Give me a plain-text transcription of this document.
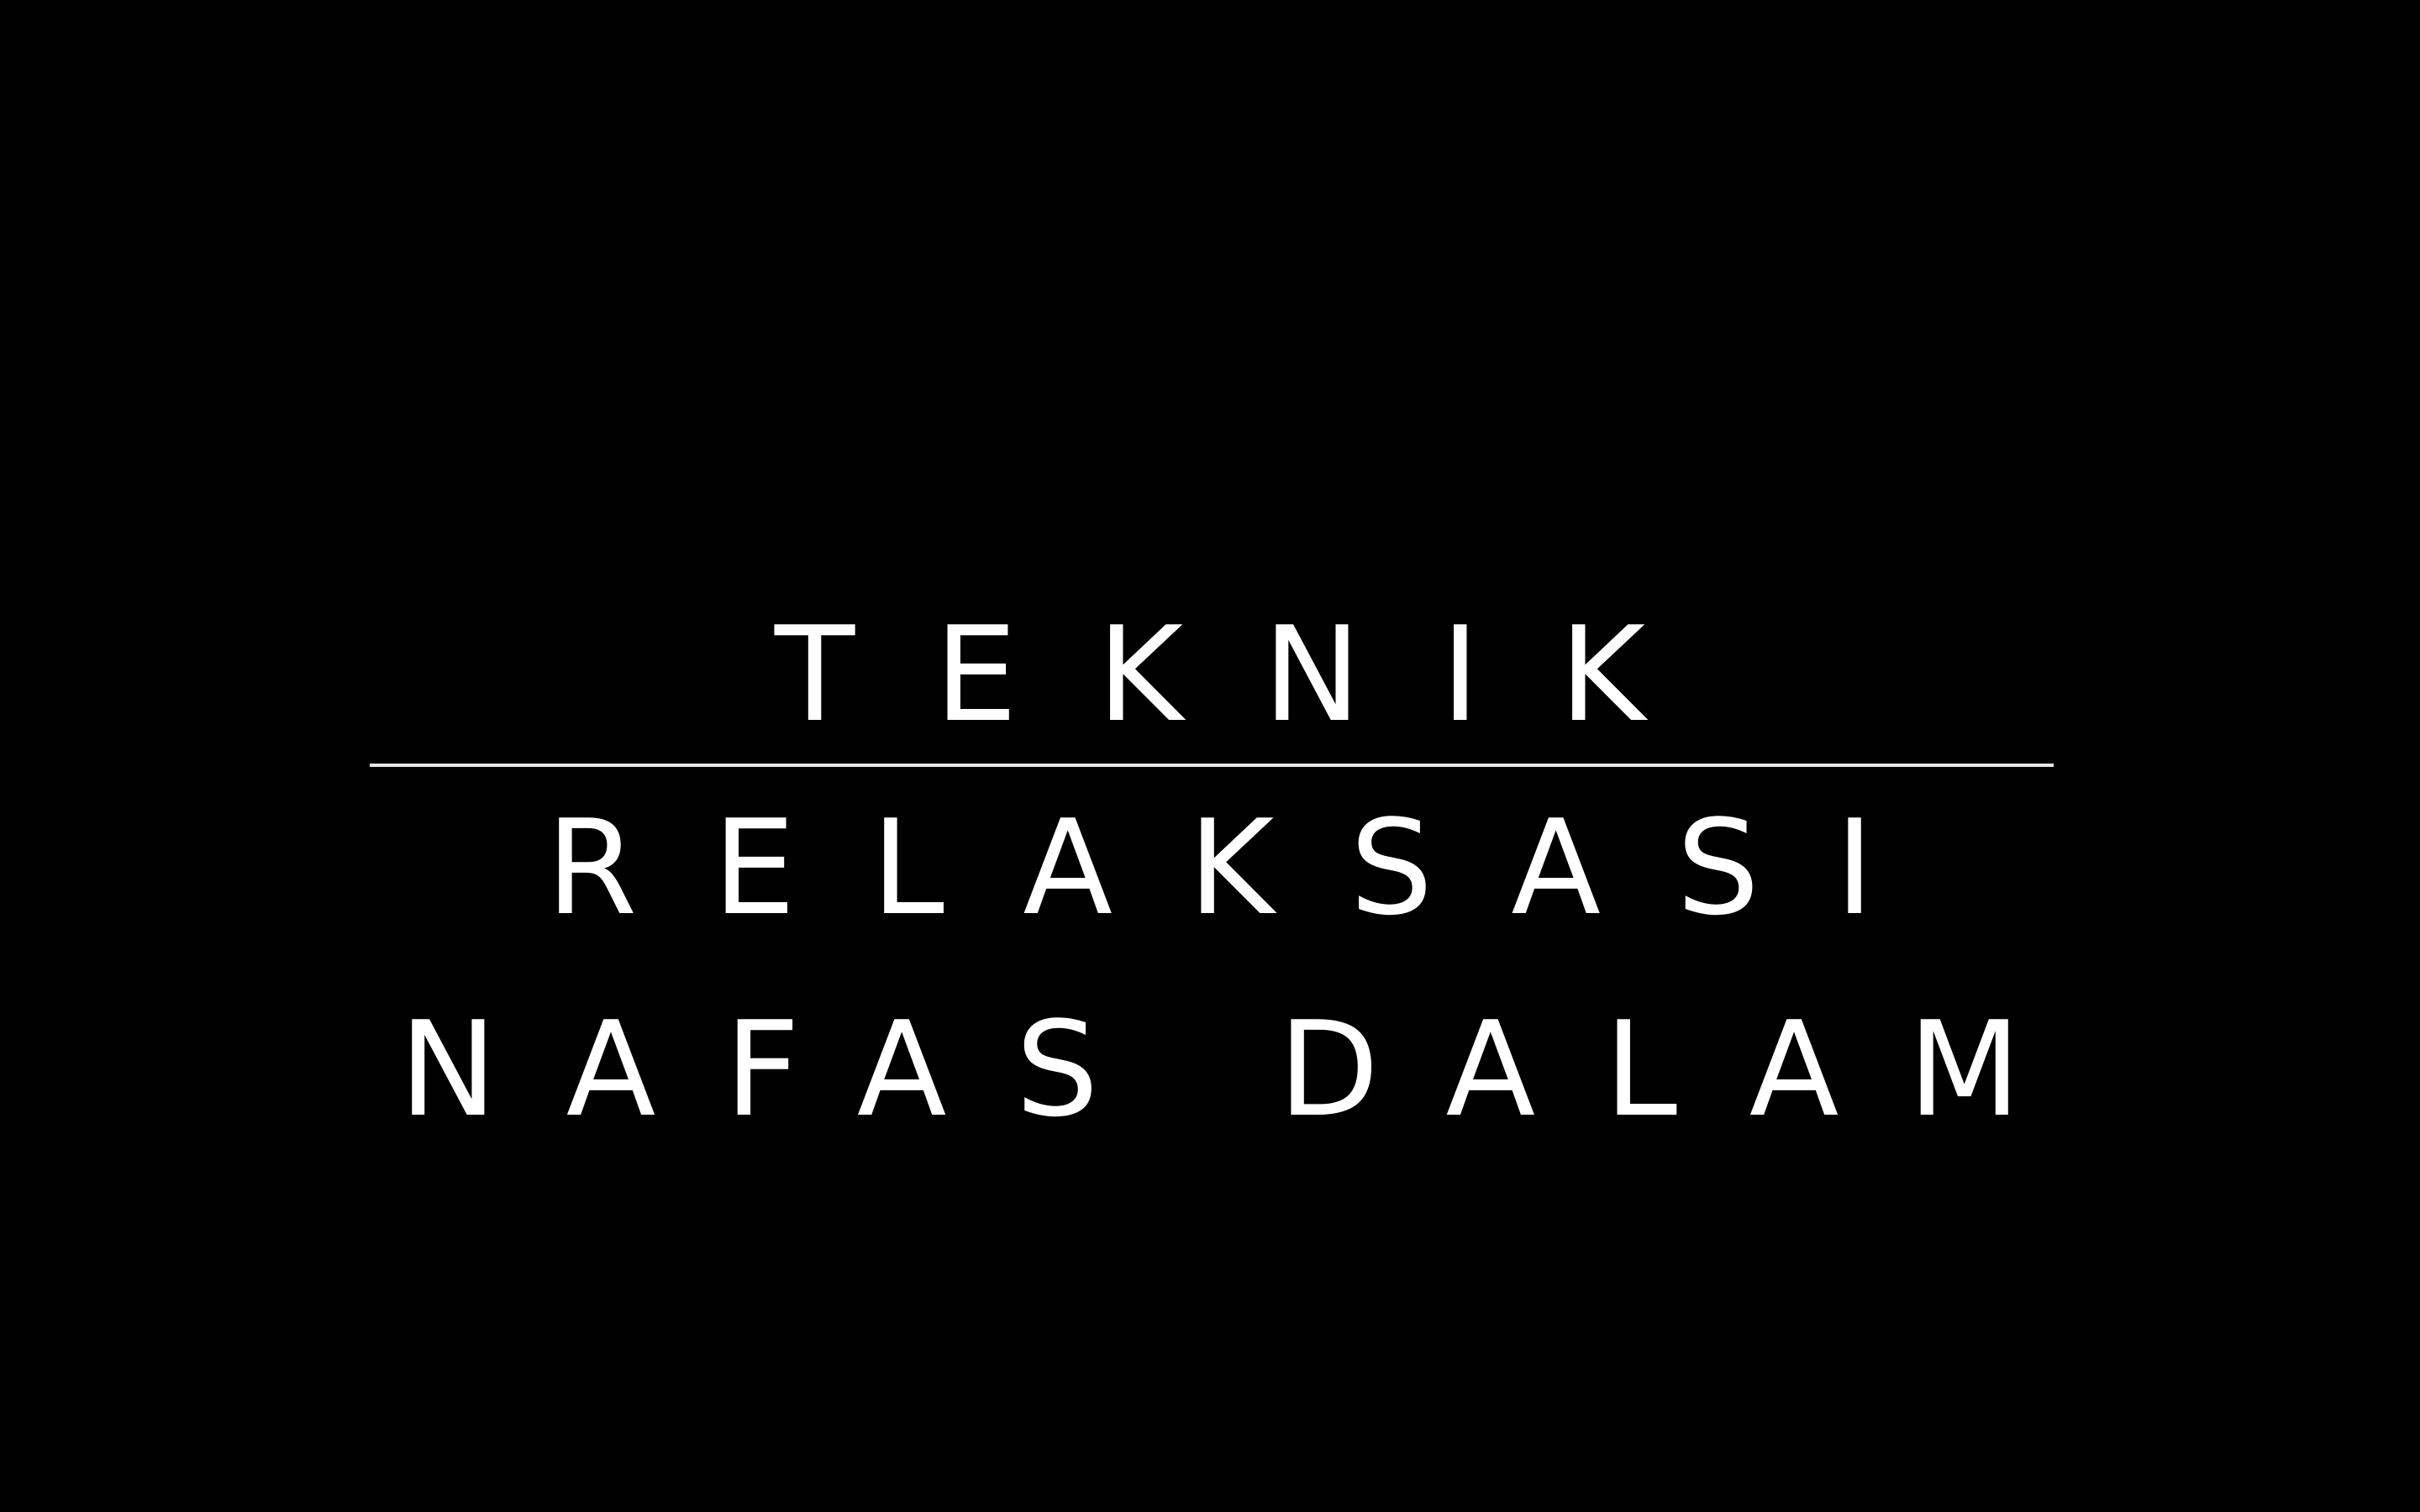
TEKNIK
RELAKSASI
NAFAS DALAM
